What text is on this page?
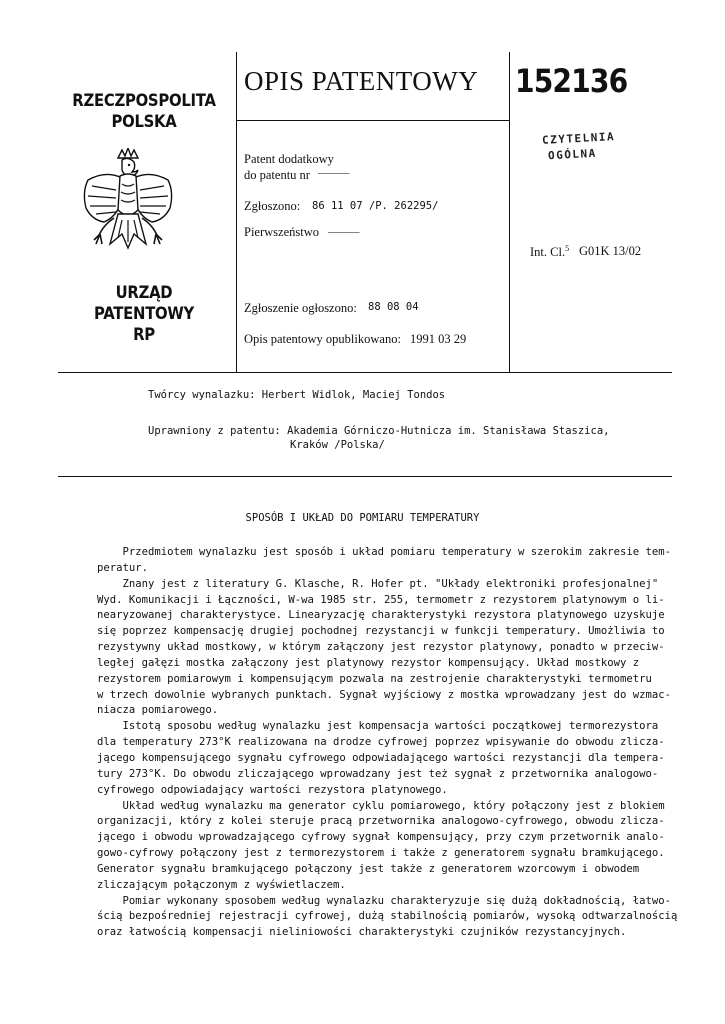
RZECZPOSPOLITA
POLSKA
URZĄD
PATENTOWY
RP
OPIS PATENTOWY 152136
CZYTELNIA
OGÓLNA
Patent dodatkowy
do patentu nr ———
Zgłoszono: 86 11 07 /P. 262295/
Pierwszeństwo ———
Int. Cl.$^5$ G01K 13/02
Zgłoszenie ogłoszono: 88 08 04
Opis patentowy opublikowano: 1991 03 29
Twórcy wynalazku: Herbert Widlok, Maciej Tondos
Uprawniony z patentu: Akademia Górniczo-Hutnicza im. Stanisława Staszica,
Kraków /Polska/
SPOSÓB I UKŁAD DO POMIARU TEMPERATURY
Przedmiotem wynalazku jest sposób i układ pomiaru temperatury w szerokim zakresie tem-
peratur.
Znany jest z literatury G. Klasche, R. Hofer pt. "Układy elektroniki profesjonalnej"
Wyd. Komunikacji i Łączności, W-wa 1985 str. 255, termometr z rezystorem platynowym o li-
nearyzowanej charakterystyce. Linearyzację charakterystyki rezystora platynowego uzyskuje
się poprzez kompensację drugiej pochodnej rezystancji w funkcji temperatury. Umożliwia to
rezystywny układ mostkowy, w którym załączony jest rezystor platynowy, ponadto w przeciw-
ległej gałęzi mostka załączony jest platynowy rezystor kompensujący. Układ mostkowy z
rezystorem pomiarowym i kompensującym pozwala na zestrojenie charakterystyki termometru
w trzech dowolnie wybranych punktach. Sygnał wyjściowy z mostka wprowadzany jest do wzmac-
niacza pomiarowego.
Istotą sposobu według wynalazku jest kompensacja wartości początkowej termorezystora
dla temperatury 273°K realizowana na drodze cyfrowej poprzez wpisywanie do obwodu zlicza-
jącego kompensującego sygnału cyfrowego odpowiadającego wartości rezystancji dla tempera-
tury 273°K. Do obwodu zliczającego wprowadzany jest też sygnał z przetwornika analogowo-
cyfrowego odpowiadający wartości rezystora platynowego.
Układ według wynalazku ma generator cyklu pomiarowego, który połączony jest z blokiem
organizacji, który z kolei steruje pracą przetwornika analogowo-cyfrowego, obwodu zlicza-
jącego i obwodu wprowadzającego cyfrowy sygnał kompensujący, przy czym przetwornik analo-
gowo-cyfrowy połączony jest z termorezystorem i także z generatorem sygnału bramkującego.
Generator sygnału bramkującego połączony jest także z generatorem wzorcowym i obwodem
zliczającym połączonym z wyświetlaczem.
Pomiar wykonany sposobem według wynalazku charakteryzuje się dużą dokładnością, łatwo-
ścią bezpośredniej rejestracji cyfrowej, dużą stabilnością pomiarów, wysoką odtwarzalnością
oraz łatwością kompensacji nieliniowości charakterystyki czujników rezystancyjnych.
